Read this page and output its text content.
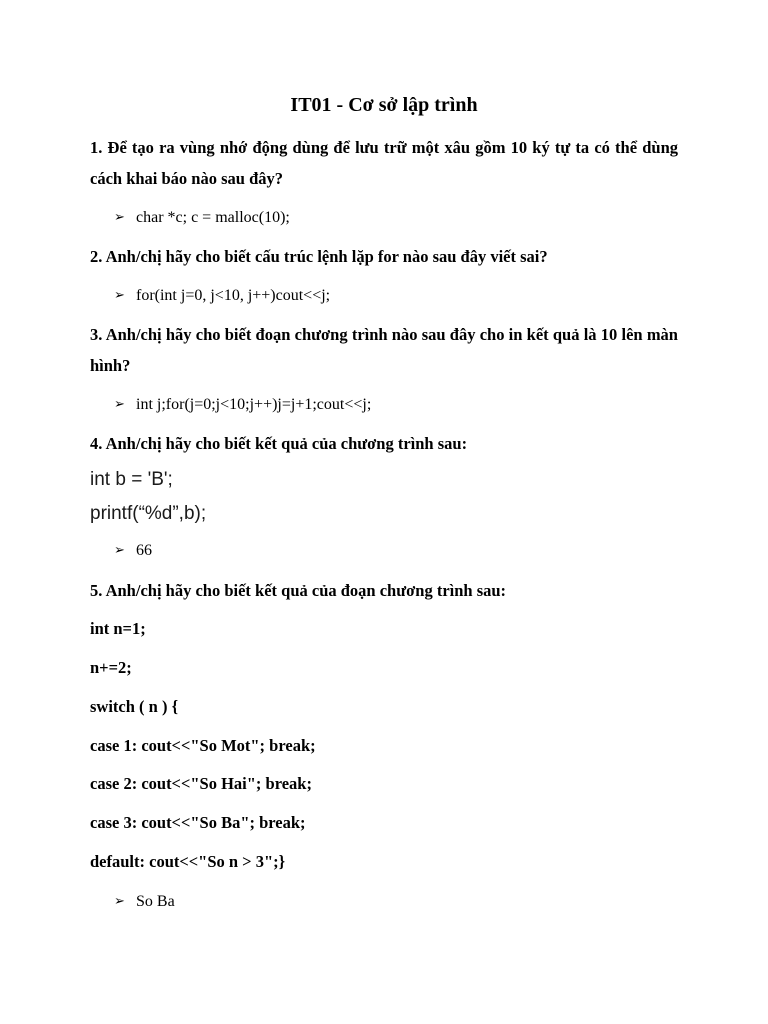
IT01 - Cơ sở lập trình
1. Để tạo ra vùng nhớ động dùng để lưu trữ một xâu gồm 10 ký tự ta có thể dùng cách khai báo nào sau đây?
➢ char *c; c = malloc(10);
2. Anh/chị hãy cho biết cấu trúc lệnh lặp for nào sau đây viết sai?
➢ for(int j=0, j<10, j++)cout<<j;
3. Anh/chị hãy cho biết đoạn chương trình nào sau đây cho in kết quả là 10 lên màn hình?
➢ int j;for(j=0;j<10;j++)j=j+1;cout<<j;
4. Anh/chị hãy cho biết kết quả của chương trình sau:
int b = 'B';
printf(“%d”,b);
➢ 66
5. Anh/chị hãy cho biết kết quả của đoạn chương trình sau:
int n=1;
n+=2;
switch ( n ) {
case 1: cout<<"So Mot"; break;
case 2: cout<<"So Hai"; break;
case 3: cout<<"So Ba"; break;
default: cout<<"So n > 3";}
➢ So Ba
